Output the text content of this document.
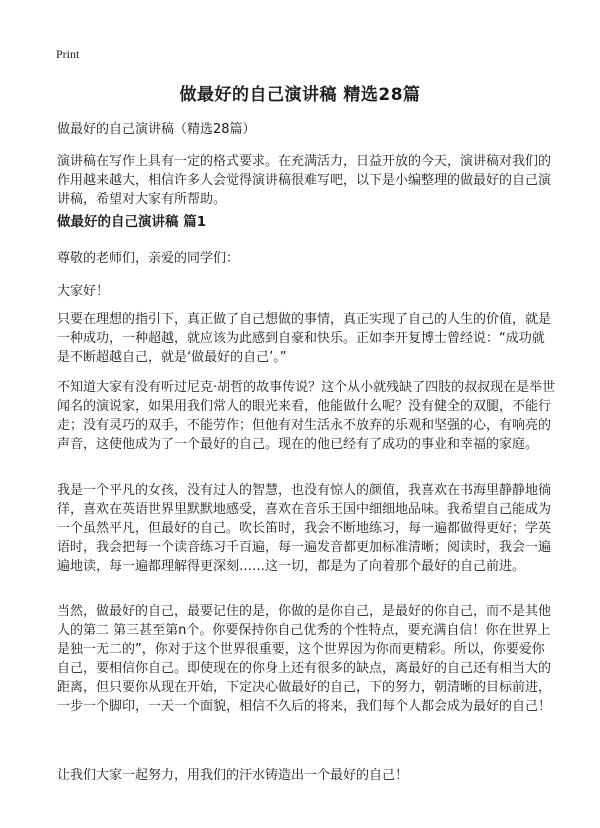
Print
做最好的自己演讲稿 精选28篇

做最好的自己演讲稿（精选28篇）

演讲稿在写作上具有一定的格式要求。在充满活力，日益开放的今天，演讲稿对我们的作用越来越大，相信许多人会觉得演讲稿很难写吧，以下是小编整理的做最好的自己演讲稿，希望对大家有所帮助。

做最好的自己演讲稿 篇1

尊敬的老师们，亲爱的同学们：

大家好！

只要在理想的指引下，真正做了自己想做的事情，真正实现了自己的人生的价值，就是一种成功，一种超越，就应该为此感到自豪和快乐。正如李开复博士曾经说：“成功就是不断超越自己，就是‘做最好的自己’。”

不知道大家有没有听过尼克·胡哲的故事传说？这个从小就残缺了四肢的叔叔现在是举世闻名的演说家，如果用我们常人的眼光来看，他能做什么呢？没有健全的双腿，不能行走；没有灵巧的双手，不能劳作；但他有对生活永不放弃的乐观和坚强的心，有响亮的声音，这使他成为了一个最好的自己。现在的他已经有了成功的事业和幸福的家庭。

我是一个平凡的女孩，没有过人的智慧，也没有惊人的颜值，我喜欢在书海里静静地徜徉，喜欢在英语世界里默默地感受，喜欢在音乐王国中细细地品味。我希望自己能成为一个虽然平凡，但最好的自己。吹长笛时，我会不断地练习，每一遍都做得更好；学英语时，我会把每一个读音练习千百遍，每一遍发音都更加标准清晰；阅读时，我会一遍遍地读，每一遍都理解得更深刻……这一切，都是为了向着那个最好的自己前进。

当然，做最好的自己，最要记住的是，你做的是你自己，是最好的你自己，而不是其他人的第二 第三甚至第n个。你要保持你自己优秀的个性特点，要充满自信！你在世界上是独一无二的”，你对于这个世界很重要，这个世界因为你而更精彩。所以，你要爱你自己，要相信你自己。即使现在的你身上还有很多的缺点，离最好的自己还有相当大的距离，但只要你从现在开始，下定决心做最好的自己，下的努力，朝清晰的目标前进，一步一个脚印，一天一个面貌，相信不久后的将来，我们每个人都会成为最好的自己！

让我们大家一起努力，用我们的汗水铸造出一个最好的自己！
